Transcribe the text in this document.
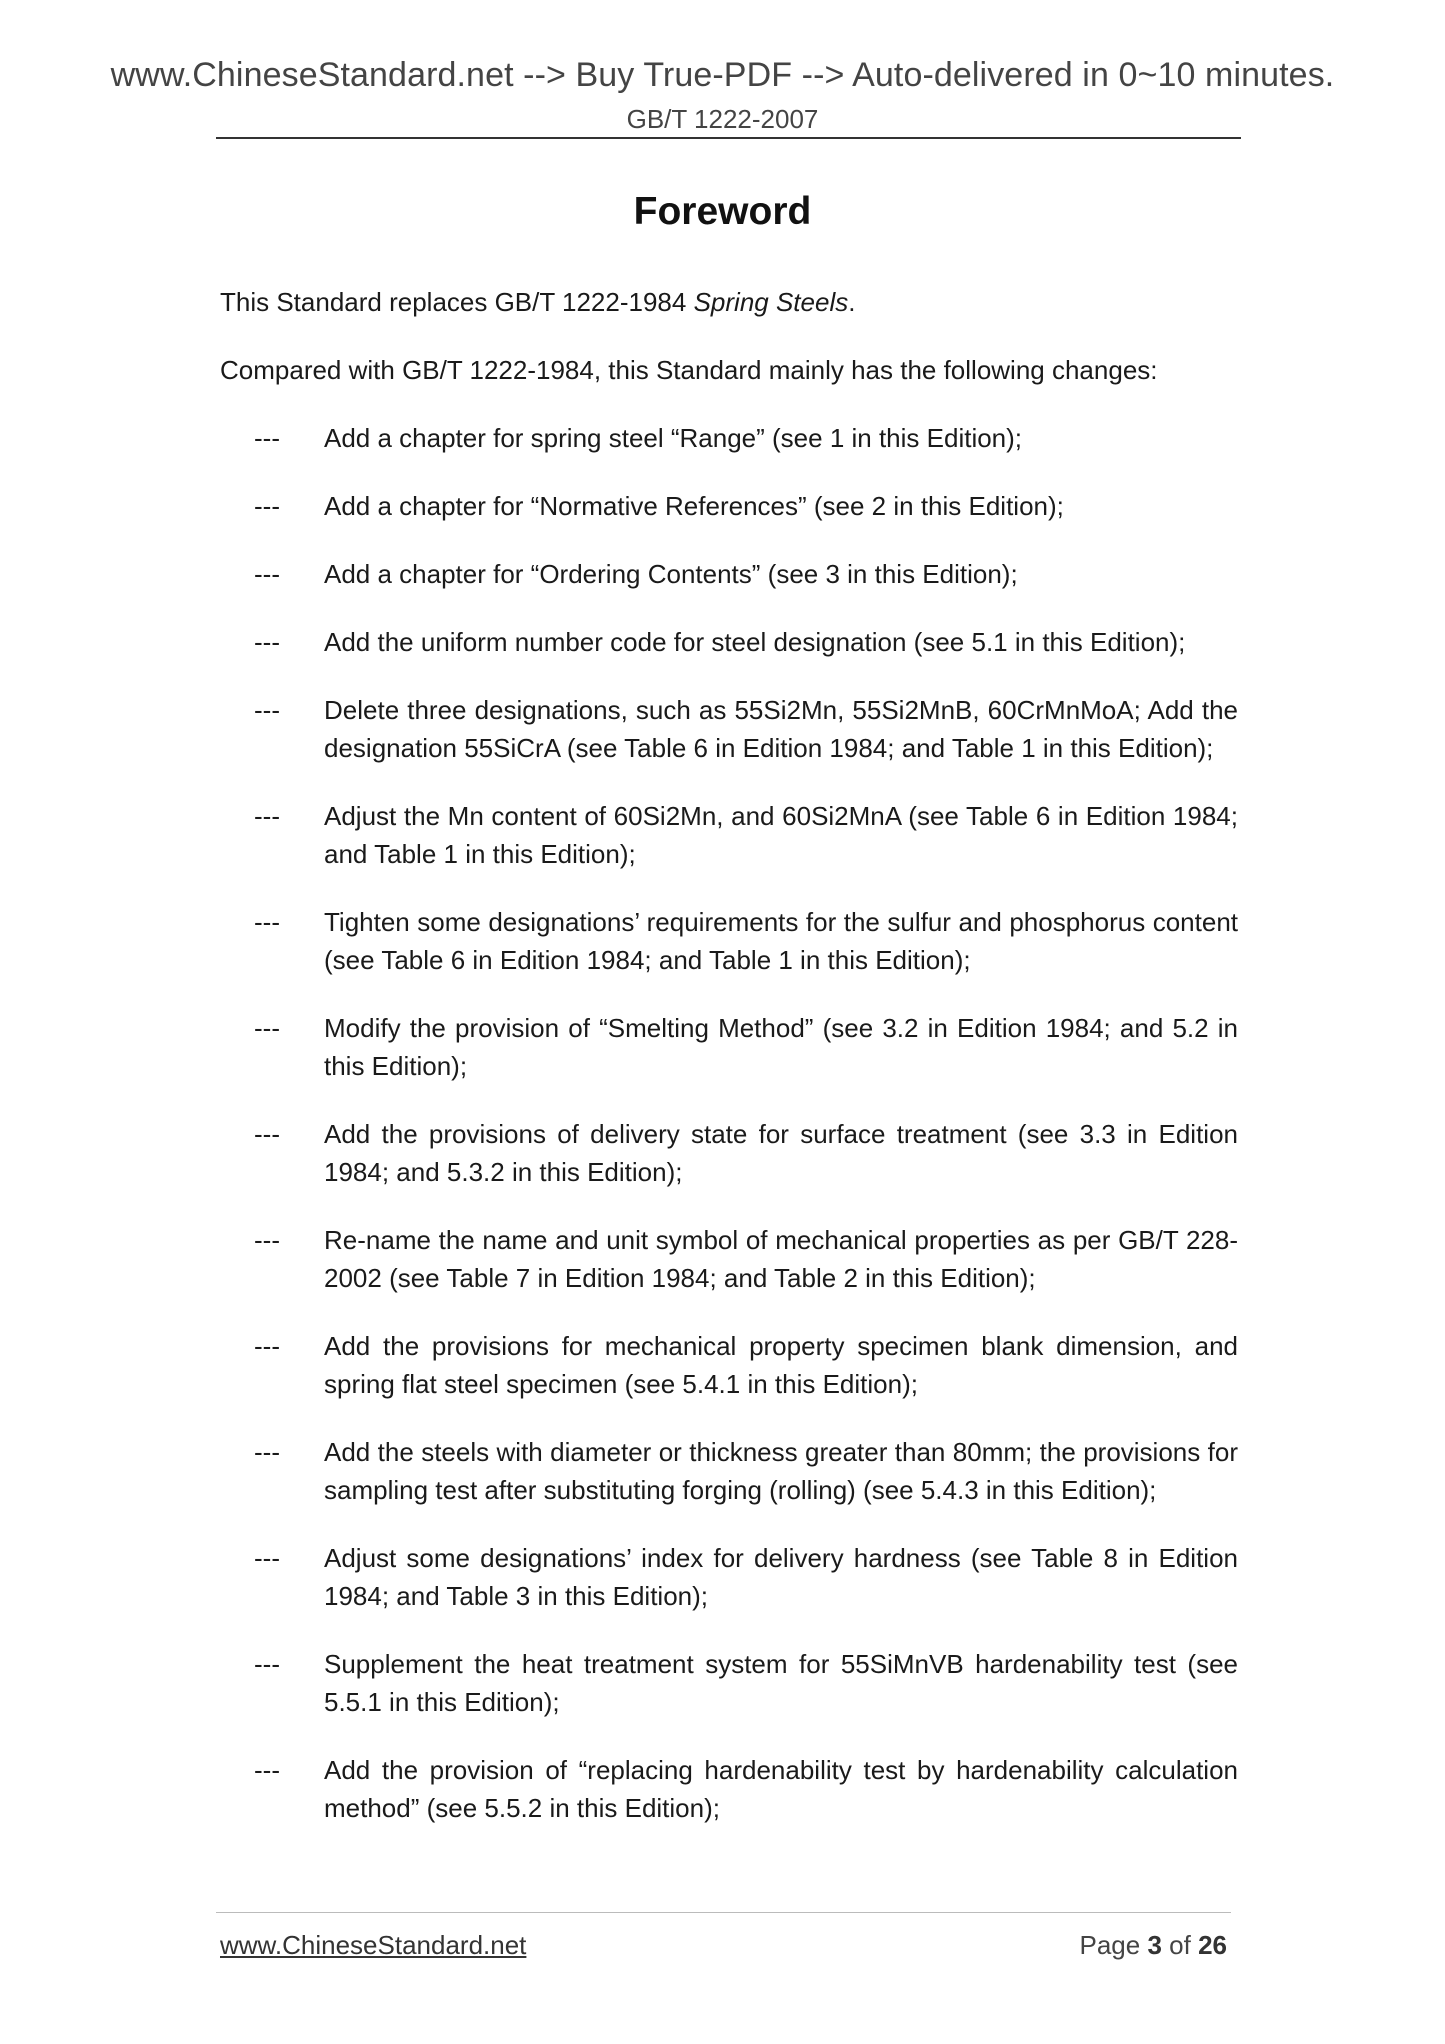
www.ChineseStandard.net --> Buy True-PDF --> Auto-delivered in 0~10 minutes.
GB/T 1222-2007
Foreword

This Standard replaces GB/T 1222-1984 Spring Steels.

Compared with GB/T 1222-1984, this Standard mainly has the following changes:

--- Add a chapter for spring steel “Range” (see 1 in this Edition);
--- Add a chapter for “Normative References” (see 2 in this Edition);
--- Add a chapter for “Ordering Contents” (see 3 in this Edition);
--- Add the uniform number code for steel designation (see 5.1 in this Edition);
--- Delete three designations, such as 55Si2Mn, 55Si2MnB, 60CrMnMoA; Add the designation 55SiCrA (see Table 6 in Edition 1984; and Table 1 in this Edition);
--- Adjust the Mn content of 60Si2Mn, and 60Si2MnA (see Table 6 in Edition 1984; and Table 1 in this Edition);
--- Tighten some designations’ requirements for the sulfur and phosphorus content (see Table 6 in Edition 1984; and Table 1 in this Edition);
--- Modify the provision of “Smelting Method” (see 3.2 in Edition 1984; and 5.2 in this Edition);
--- Add the provisions of delivery state for surface treatment (see 3.3 in Edition 1984; and 5.3.2 in this Edition);
--- Re-name the name and unit symbol of mechanical properties as per GB/T 228-2002 (see Table 7 in Edition 1984; and Table 2 in this Edition);
--- Add the provisions for mechanical property specimen blank dimension, and spring flat steel specimen (see 5.4.1 in this Edition);
--- Add the steels with diameter or thickness greater than 80mm; the provisions for sampling test after substituting forging (rolling) (see 5.4.3 in this Edition);
--- Adjust some designations’ index for delivery hardness (see Table 8 in Edition 1984; and Table 3 in this Edition);
--- Supplement the heat treatment system for 55SiMnVB hardenability test (see 5.5.1 in this Edition);
--- Add the provision of “replacing hardenability test by hardenability calculation method” (see 5.5.2 in this Edition);
www.ChineseStandard.net	Page 3 of 26
